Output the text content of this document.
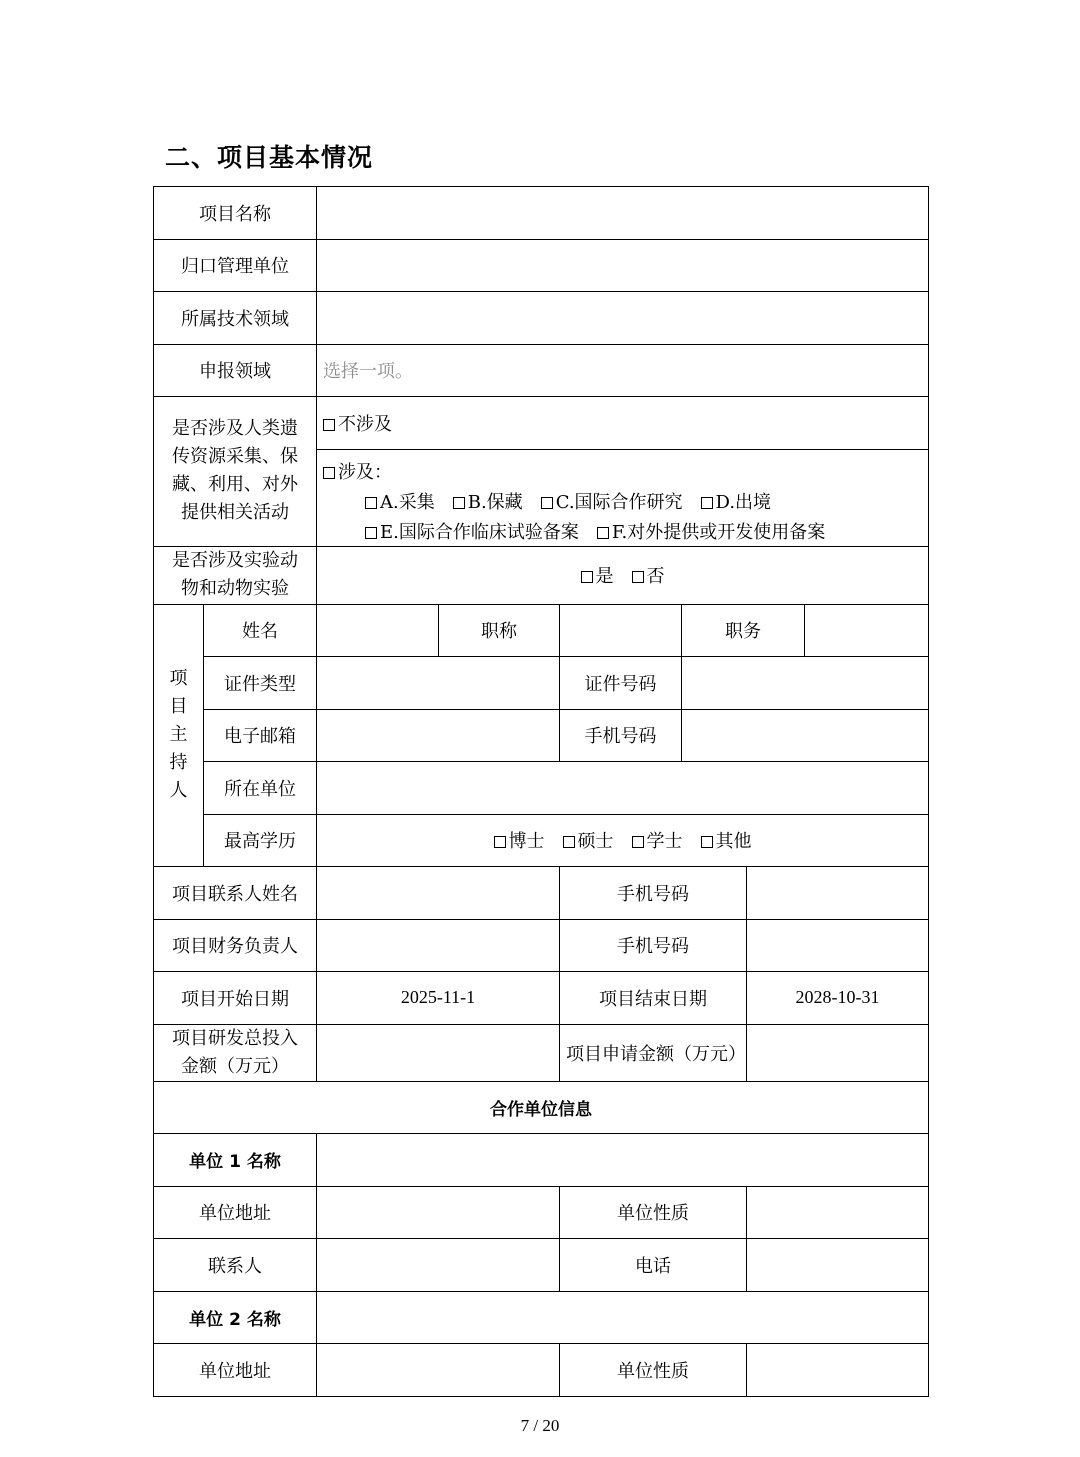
二、项目基本情况
项目名称							
归口管理单位							
所属技术领域							
申报领域		选择一项。					
是否涉及人类遗传资源采集、保藏、利用、对外提供相关活动		不涉及					

		涉及：
A.采集 B.保藏 C.国际合作研究 D.出境
E.国际合作临床试验备案 F.对外提供或开发使用备案					

是否涉及实验动物和动物实验		是 否					

项
目
主
持
人	姓名		职称		职务		
	证件类型			证件号码			
	电子邮箱			手机号码			
	所在单位						
	最高学历	博士 硕士 学士 其他					
项目联系人姓名				手机号码			
项目财务负责人				手机号码			
项目开始日期		2025-11-1		项目结束日期		2028-10-31	
项目研发总投入金额（万元）				项目申请金额（万元）			
合作单位信息							
单位 1 名称							
单位地址				单位性质			
联系人				电话			
单位 2 名称							
单位地址				单位性质			
7 / 20
